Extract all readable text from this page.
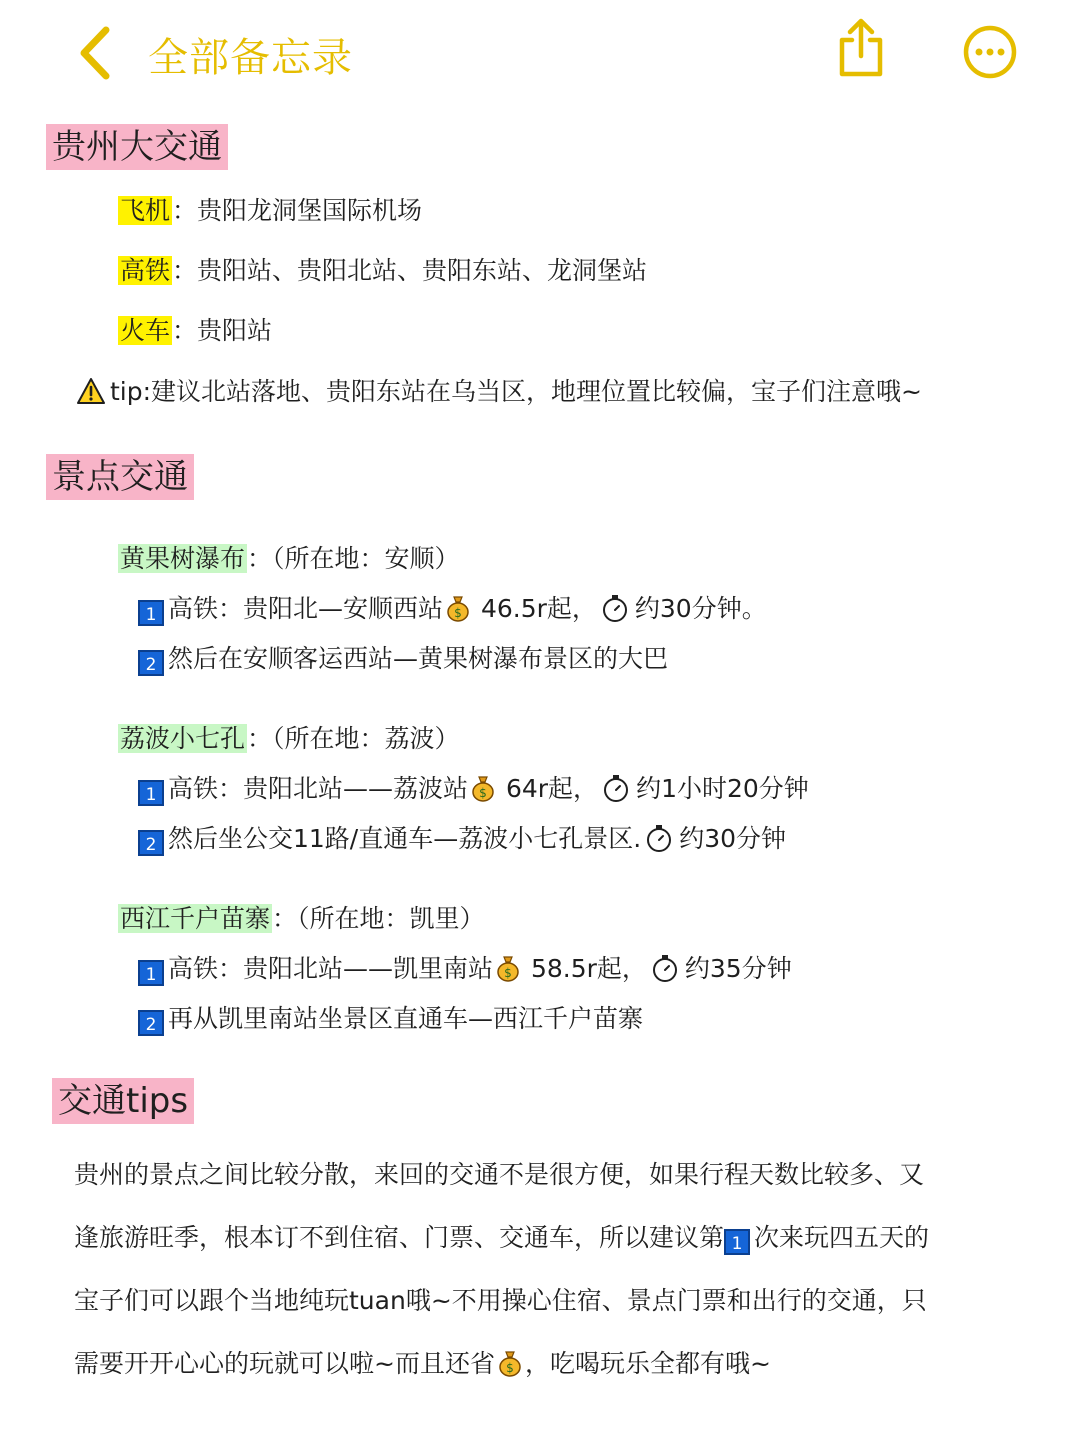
全部备忘录
贵州大交通
飞机：贵阳龙洞堡国际机场
高铁：贵阳站、贵阳北站、贵阳东站、龙洞堡站
火车：贵阳站
tip:建议北站落地、贵阳东站在乌当区，地理位置比较偏，宝子们注意哦~
景点交通
黄果树瀑布：（所在地：安顺）
1 高铁：贵阳北—安顺西站 $ 46.5r起， 约30分钟。
2 然后在安顺客运西站—黄果树瀑布景区的大巴
荔波小七孔：（所在地：荔波）
1 高铁：贵阳北站——荔波站 $ 64r起， 约1小时20分钟
2 然后坐公交11路/直通车—荔波小七孔景区. 约30分钟
西江千户苗寨：（所在地：凯里）
1 高铁：贵阳北站——凯里南站 $ 58.5r起， 约35分钟
2 再从凯里南站坐景区直通车—西江千户苗寨
交通tips
贵州的景点之间比较分散，来回的交通不是很方便，如果行程天数比较多、又
逢旅游旺季，根本订不到住宿、门票、交通车，所以建议第 1 次来玩四五天的
宝子们可以跟个当地纯玩tuan哦~不用操心住宿、景点门票和出行的交通，只
需要开开心心的玩就可以啦~而且还省 $ ，吃喝玩乐全都有哦~
